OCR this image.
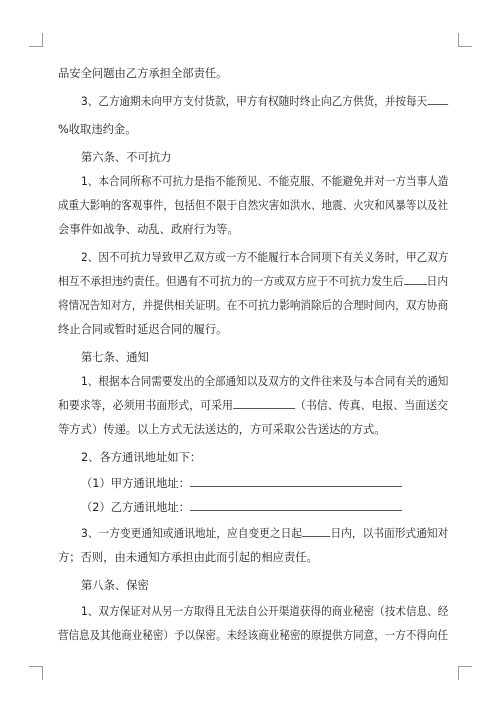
品安全问题由乙方承担全部责任。
3、乙方逾期未向甲方支付货款，甲方有权随时终止向乙方供货，并按每天
%收取违约金。
第六条、不可抗力
1、本合同所称不可抗力是指不能预见、不能克服、不能避免并对一方当事人造
成重大影响的客观事件，包括但不限于自然灾害如洪水、地震、火灾和风暴等以及社
会事件如战争、动乱、政府行为等。
2、因不可抗力导致甲乙双方或一方不能履行本合同项下有关义务时，甲乙双方
相互不承担违约责任。但遇有不可抗力的一方或双方应于不可抗力发生后 日内
将情况告知对方，并提供相关证明。在不可抗力影响消除后的合理时间内，双方协商
终止合同或暂时延迟合同的履行。
第七条、通知
1、根据本合同需要发出的全部通知以及双方的文件往来及与本合同有关的通知
和要求等，必须用书面形式，可采用	（书信、传真、电报、当面送交
等方式）传递。以上方式无法送达的，方可采取公告送达的方式。
2、各方通讯地址如下：
（1）甲方通讯地址：
（2）乙方通讯地址：
3、一方变更通知或通讯地址，应自变更之日起	日内，以书面形式通知对
方；否则，由未通知方承担由此而引起的相应责任。
第八条、保密
1、双方保证对从另一方取得且无法自公开渠道获得的商业秘密（技术信息、经
营信息及其他商业秘密）予以保密。未经该商业秘密的原提供方同意，一方不得向任
